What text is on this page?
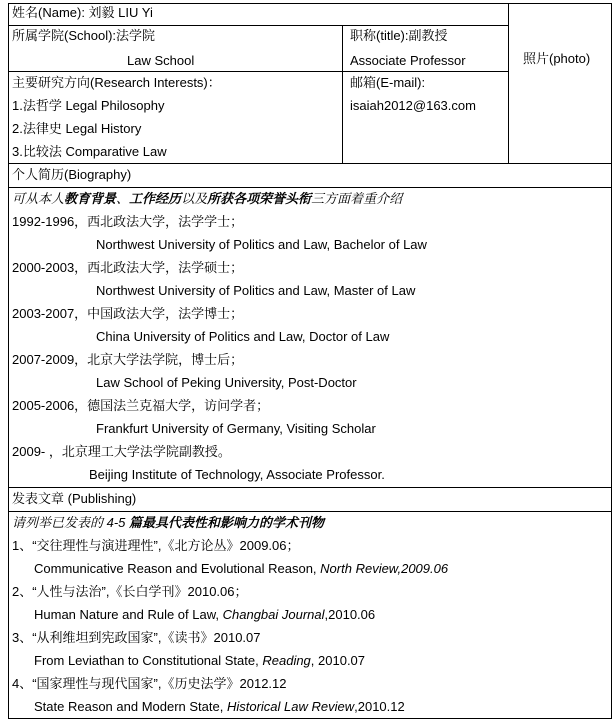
姓名(Name): 刘毅 LIU Yi
所属学院(School):法学院
Law School
职称(title):副教授
Associate Professor	照片(photo)
主要研究方向(Research Interests)：
1.法哲学 Legal Philosophy
2.法律史 Legal History
3.比较法 Comparative Law
邮箱(E-mail):
isaiah2012@163.com
个人简历(Biography)
可从本人教育背景、工作经历以及所获各项荣誉头衔三方面着重介绍
1992-1996，西北政法大学，法学学士；
Northwest University of Politics and Law, Bachelor of Law
2000-2003，西北政法大学，法学硕士；
Northwest University of Politics and Law, Master of Law
2003-2007，中国政法大学，法学博士；
China University of Politics and Law, Doctor of Law
2007-2009，北京大学法学院，博士后；
Law School of Peking University, Post-Doctor
2005-2006，德国法兰克福大学，访问学者；
Frankfurt University of Germany, Visiting Scholar
2009- ，北京理工大学法学院副教授。
Beijing Institute of Technology, Associate Professor.
发表文章 (Publishing)
请列举已发表的 4-5 篇最具代表性和影响力的学术刊物
1、“交往理性与演进理性”,《北方论丛》2009.06；
Communicative Reason and Evolutional Reason, North Review,2009.06
2、“人性与法治”,《长白学刊》2010.06；
Human Nature and Rule of Law, Changbai Journal,2010.06
3、“从利维坦到宪政国家”,《读书》2010.07
From Leviathan to Constitutional State, Reading, 2010.07
4、“国家理性与现代国家”,《历史法学》2012.12
State Reason and Modern State, Historical Law Review,2010.12
